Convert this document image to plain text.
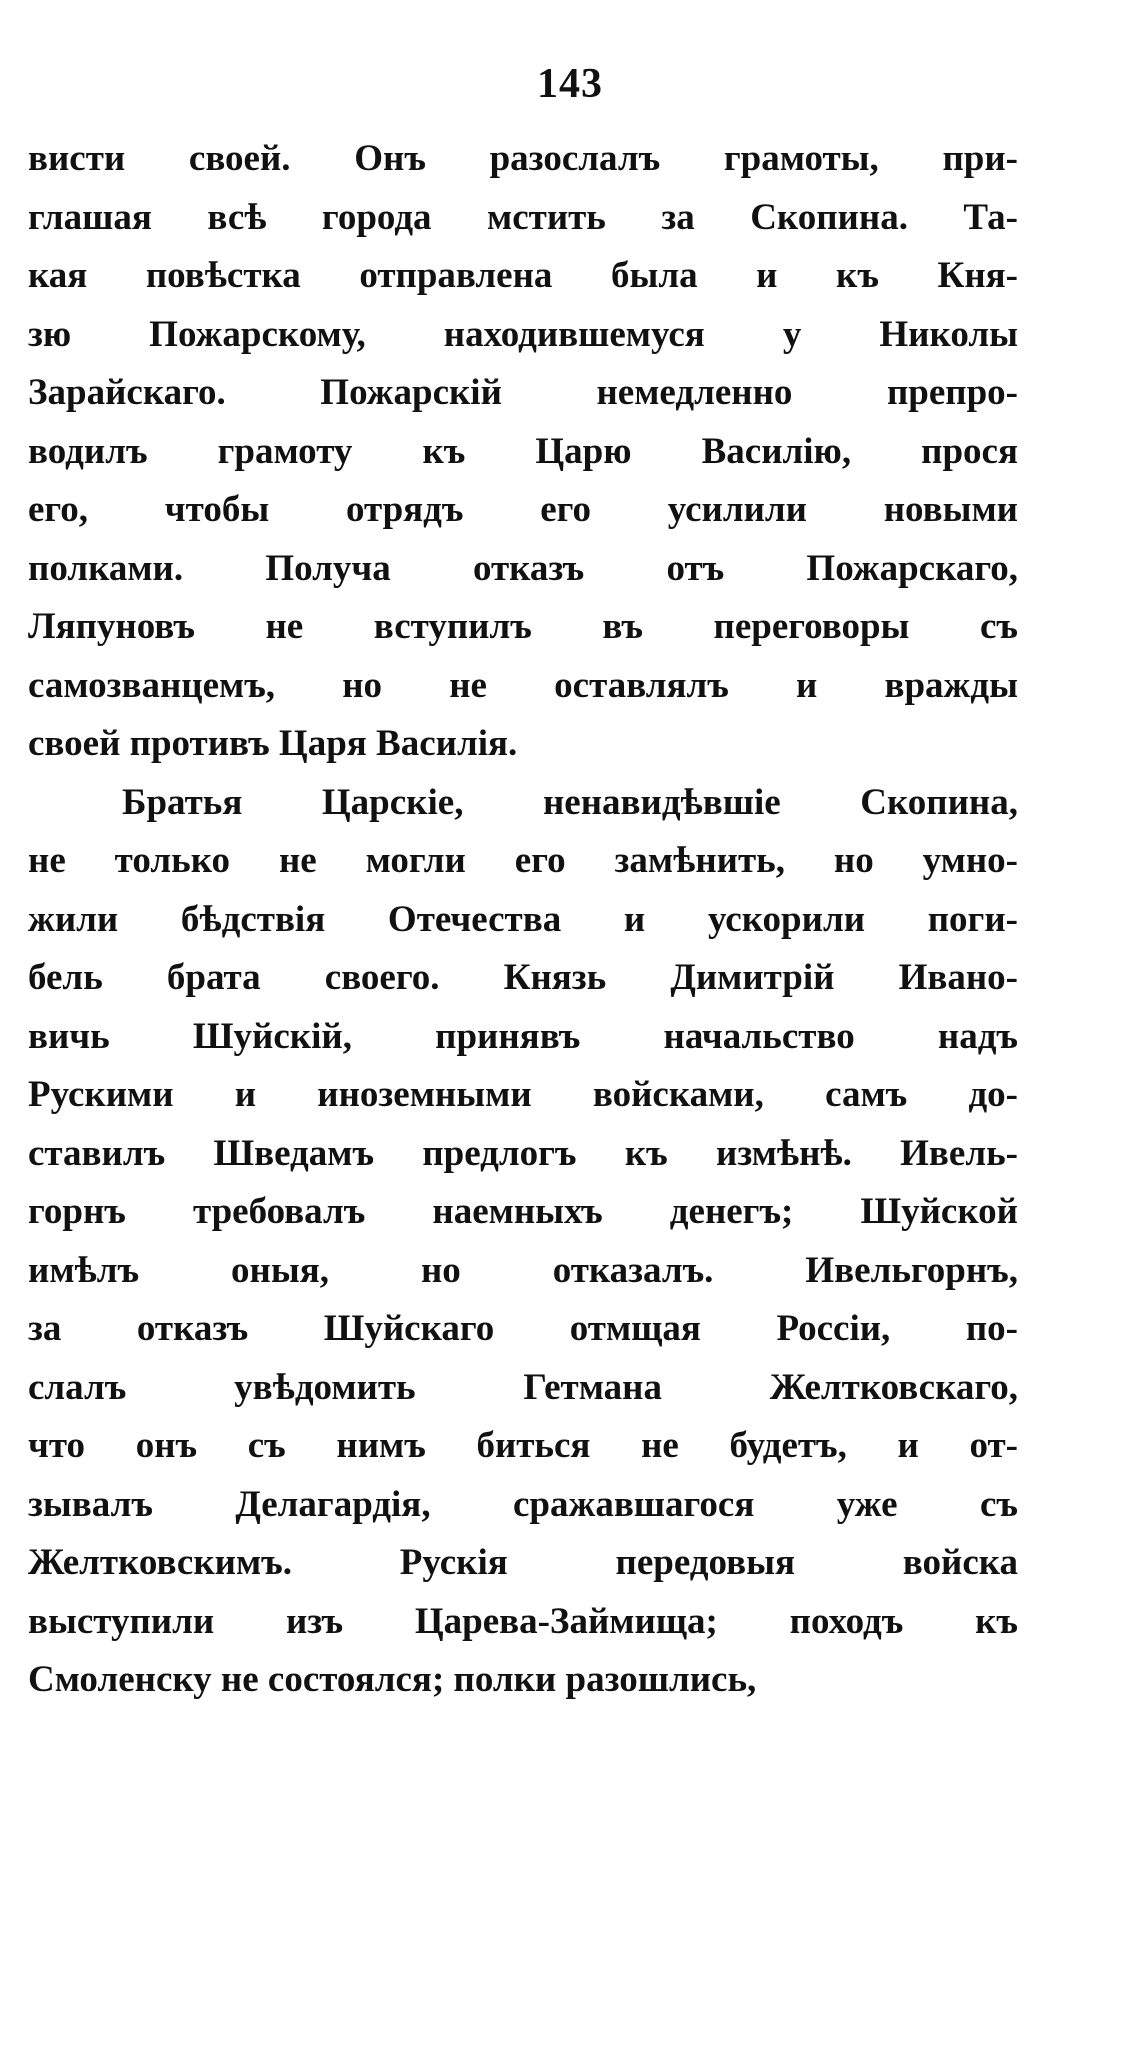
143
висти своей. Онъ разослалъ грамоты, при-
глашая всѣ города мстить за Скопина. Та-
кая повѣстка отправлена была и къ Кня-
зю Пожарскому, находившемуся у Николы
Зарайскаго. Пожарскій немедленно препро-
водилъ грамоту къ Царю Василію, прося
его, чтобы отрядъ его усилили новыми
полками. Получа отказъ отъ Пожарскаго,
Ляпуновъ не вступилъ въ переговоры съ
самозванцемъ, но не оставлялъ и вражды
своей противъ Царя Василія.
Братья Царскіе, ненавидѣвшіе Скопина,
не только не могли его замѣнить, но умно-
жили бѣдствія Отечества и ускорили поги-
бель брата своего. Князь Димитрій Ивано-
вичь Шуйскій, принявъ начальство надъ
Рускими и иноземными войсками, самъ до-
ставилъ Шведамъ предлогъ къ измѣнѣ. Ивель-
горнъ требовалъ наемныхъ денегъ; Шуйской
имѣлъ оныя, но отказалъ. Ивельгорнъ,
за отказъ Шуйскаго отмщая Россіи, по-
слалъ увѣдомить Гетмана Желтковскаго,
что онъ съ нимъ биться не будетъ, и от-
зывалъ Делагардія, сражавшагося уже съ
Желтковскимъ. Рускія передовыя войска
выступили изъ Царева-Займища; походъ къ
Смоленску не состоялся; полки разошлись,
